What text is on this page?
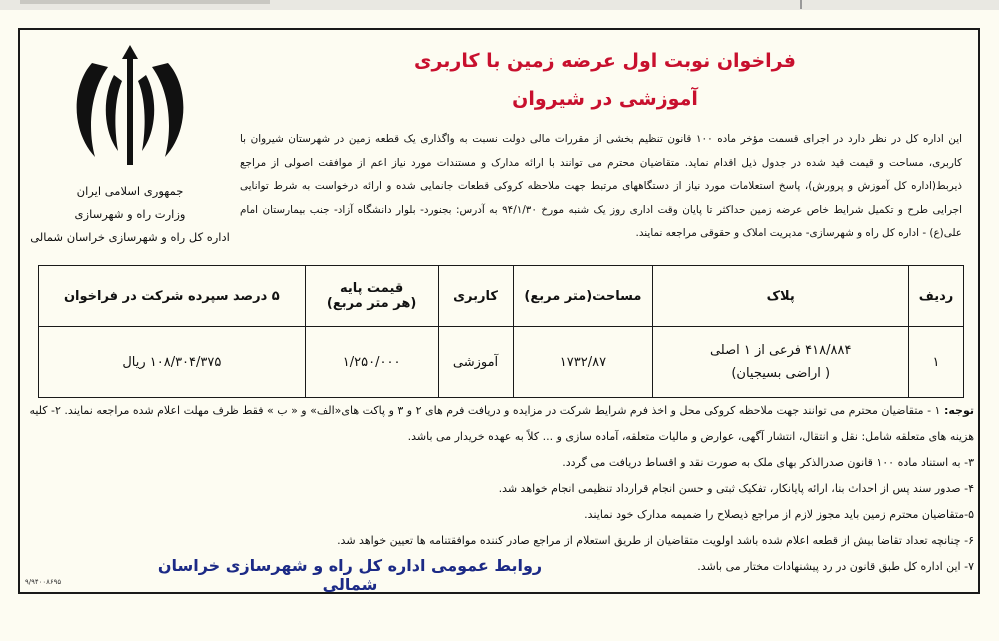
جمهوری اسلامی ایران
وزارت راه و شهرسازی
اداره کل راه و شهرسازی خراسان شمالی
فراخوان نوبت اول عرضه زمین با کاربری
آموزشی در شیروان
این اداره کل در نظر دارد در اجرای قسمت مؤخر ماده ۱۰۰ قانون تنظیم بخشی از مقررات مالی دولت نسبت به واگذاری یک قطعه زمین در شهرستان شیروان با کاربری، مساحت و قیمت قید شده در جدول ذیل اقدام نماید. متقاضیان محترم می توانند با ارائه مدارک و مستندات مورد نیاز اعم از موافقت اصولی از مراجع ذیربط(اداره کل آموزش و پرورش)، پاسخ استعلامات مورد نیاز از دستگاههای مرتبط جهت ملاحظه کروکی قطعات جانمایی شده و ارائه درخواست به شرط توانایی اجرایی طرح و تکمیل شرایط خاص عرضه زمین حداکثر تا پایان وقت اداری روز یک شنبه مورخ ۹۴/۱/۳۰ به آدرس: بجنورد- بلوار دانشگاه آزاد- جنب بیمارستان امام علی(ع) - اداره کل راه و شهرسازی- مدیریت املاک و حقوقی مراجعه نمایند.
ردیف	پلاک	مساحت(متر مربع)	کاربری	قیمت پایه
(هر متر مربع)	۵ درصد سپرده شرکت در فراخوان
۱	۴۱۸/۸۸۴ فرعی از ۱ اصلی
( اراضی بسیجیان)	۱۷۳۲/۸۷	آموزشی	۱/۲۵۰/۰۰۰	۱۰۸/۳۰۴/۳۷۵ ریال

توجه: ۱ - متقاضیان محترم می توانند جهت ملاحظه کروکی محل و اخذ فرم شرایط شرکت در مزایده و دریافت فرم های ۲ و ۳ و پاکت های«الف» و « ب » فقط ظرف مهلت اعلام شده مراجعه نمایند. ۲- کلیه هزینه های متعلقه شامل: نقل و انتقال، انتشار آگهی، عوارض و مالیات متعلقه، آماده سازی و ... کلاً به عهده خریدار می باشد.

۳- به استناد ماده ۱۰۰ قانون صدرالذکر بهای ملک به صورت نقد و اقساط دریافت می گردد.

۴- صدور سند پس از احداث بنا، ارائه پایانکار، تفکیک ثبتی و حسن انجام قرارداد تنظیمی انجام خواهد شد.

۵-متقاضیان محترم زمین باید مجوز لازم از مراجع ذیصلاح را ضمیمه مدارک خود نمایند.

۶- چنانچه تعداد تقاضا بیش از قطعه اعلام شده باشد اولویت متقاضیان از طریق استعلام از مراجع صادر کننده موافقتنامه ها تعیین خواهد شد.

۷- این اداره کل طبق قانون در رد پیشنهادات مختار می باشد.

روابط عمومی اداره کل راه و شهرسازی خراسان شمالی
۹/۹۴۰۰۸۶۹۵
